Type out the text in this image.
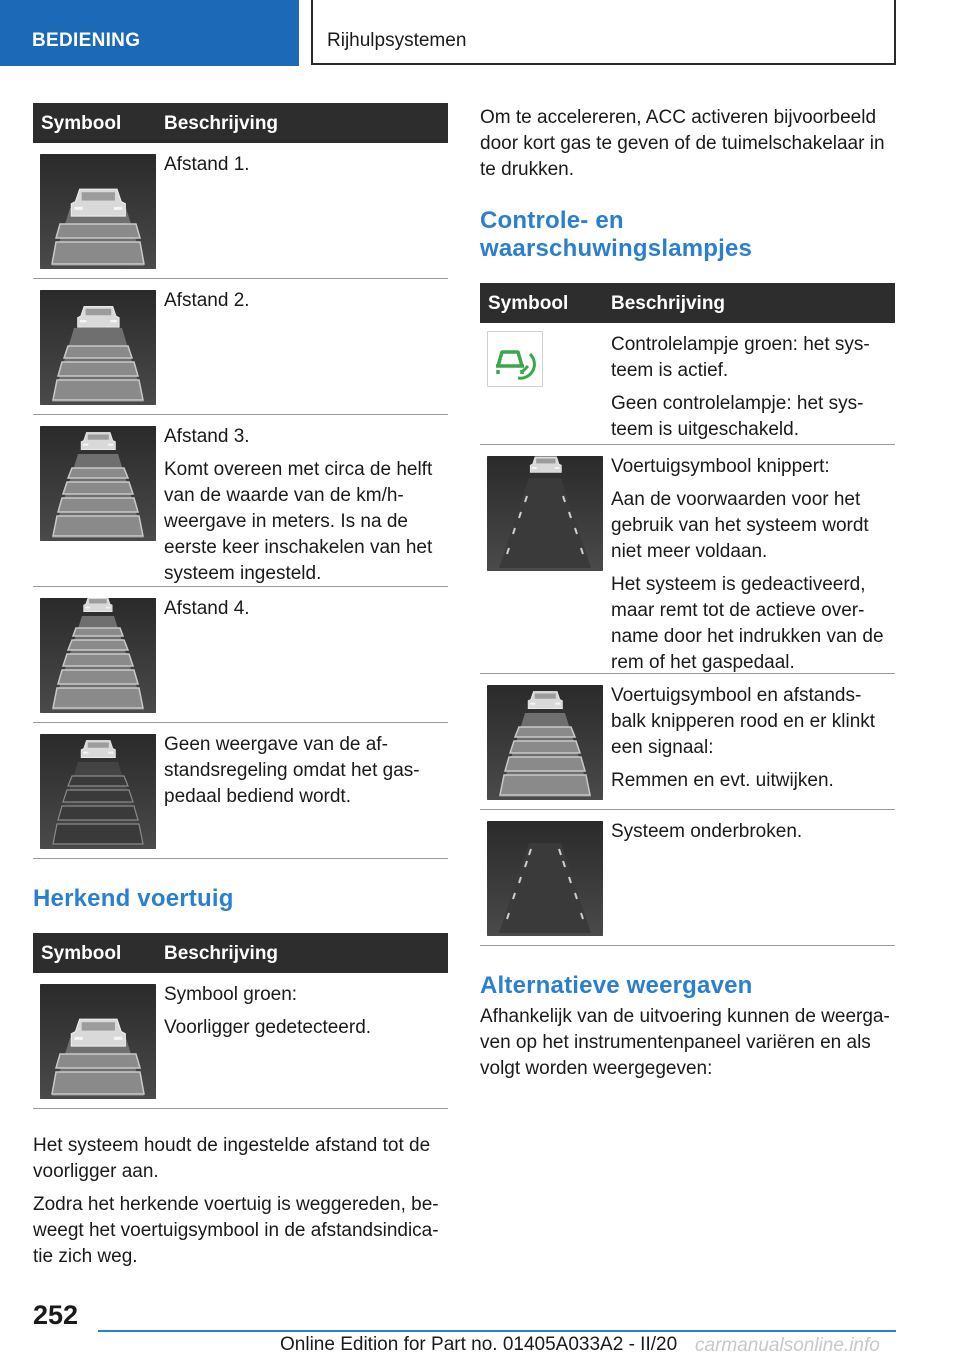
BEDIENING	Rijhulpsystemen
Symbool Beschrijving

Afstand 1.

Afstand 2.

Afstand 3.

Komt overeen met circa de helft van de waarde van de km/h-weergave in meters. Is na de eerste keer inschakelen van het systeem ingesteld.

Afstand 4.

Geen weergave van de af-standsregeling omdat het gas-pedaal bediend wordt.

Herkend voertuig
Symbool Beschrijving

Symbool groen:

Voorligger gedetecteerd.

Het systeem houdt de ingestelde afstand tot de voorligger aan.

Zodra het herkende voertuig is weggereden, be-weegt het voertuigsymbool in de afstandsindica-tie zich weg.

Om te accelereren, ACC activeren bijvoorbeeld door kort gas te geven of de tuimelschakelaar in te drukken.
Controle- en waarschuwingslampjes
Symbool Beschrijving

Controlelampje groen: het sys-teem is actief.

Geen controlelampje: het sys-teem is uitgeschakeld.

Voertuigsymbool knippert:

Aan de voorwaarden voor het gebruik van het systeem wordt niet meer voldaan.

Het systeem is gedeactiveerd, maar remt tot de actieve over-name door het indrukken van de rem of het gaspedaal.

Voertuigsymbool en afstands-balk knipperen rood en er klinkt een signaal:

Remmen en evt. uitwijken.

Systeem onderbroken.

Alternatieve weergaven
Afhankelijk van de uitvoering kunnen de weerga-ven op het instrumentenpaneel variëren en als volgt worden weergegeven:
252
Online Edition for Part no. 01405A033A2 - II/20 carmanualsonline.info
